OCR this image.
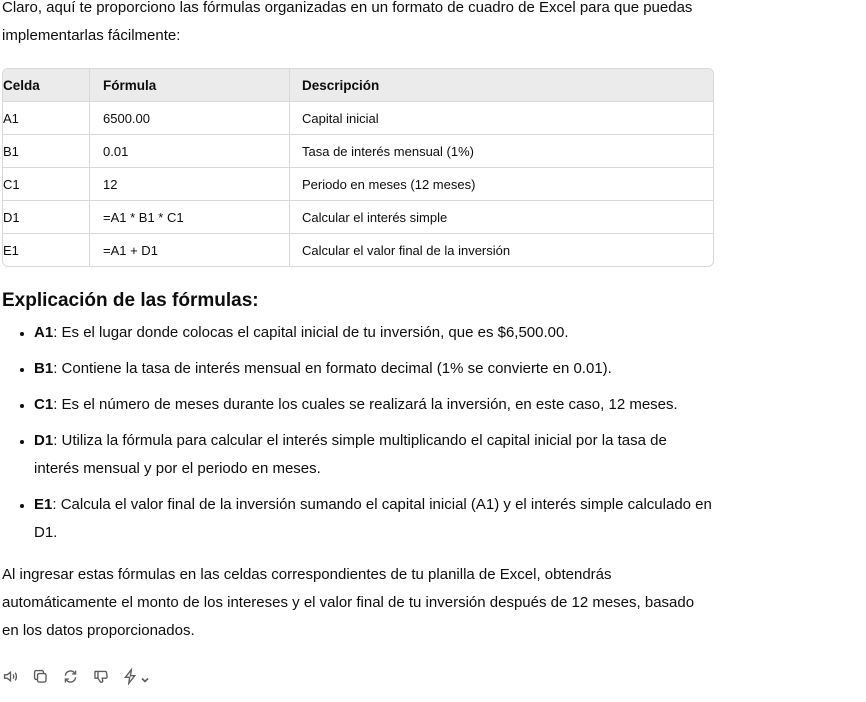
Claro, aquí te proporciono las fórmulas organizadas en un formato de cuadro de Excel para que puedas implementarlas fácilmente:

Celda	Fórmula	Descripción
A1	6500.00	Capital inicial
B1	0.01	Tasa de interés mensual (1%)
C1	12	Periodo en meses (12 meses)
D1	=A1 * B1 * C1	Calcular el interés simple
E1	=A1 + D1	Calcular el valor final de la inversión
Explicación de las fórmulas:
• A1: Es el lugar donde colocas el capital inicial de tu inversión, que es $6,500.00.
• B1: Contiene la tasa de interés mensual en formato decimal (1% se convierte en 0.01).
• C1: Es el número de meses durante los cuales se realizará la inversión, en este caso, 12 meses.
• D1: Utiliza la fórmula para calcular el interés simple multiplicando el capital inicial por la tasa de interés mensual y por el periodo en meses.
• E1: Calcula el valor final de la inversión sumando el capital inicial (A1) y el interés simple calculado en D1.

Al ingresar estas fórmulas en las celdas correspondientes de tu planilla de Excel, obtendrás automáticamente el monto de los intereses y el valor final de tu inversión después de 12 meses, basado en los datos proporcionados.
